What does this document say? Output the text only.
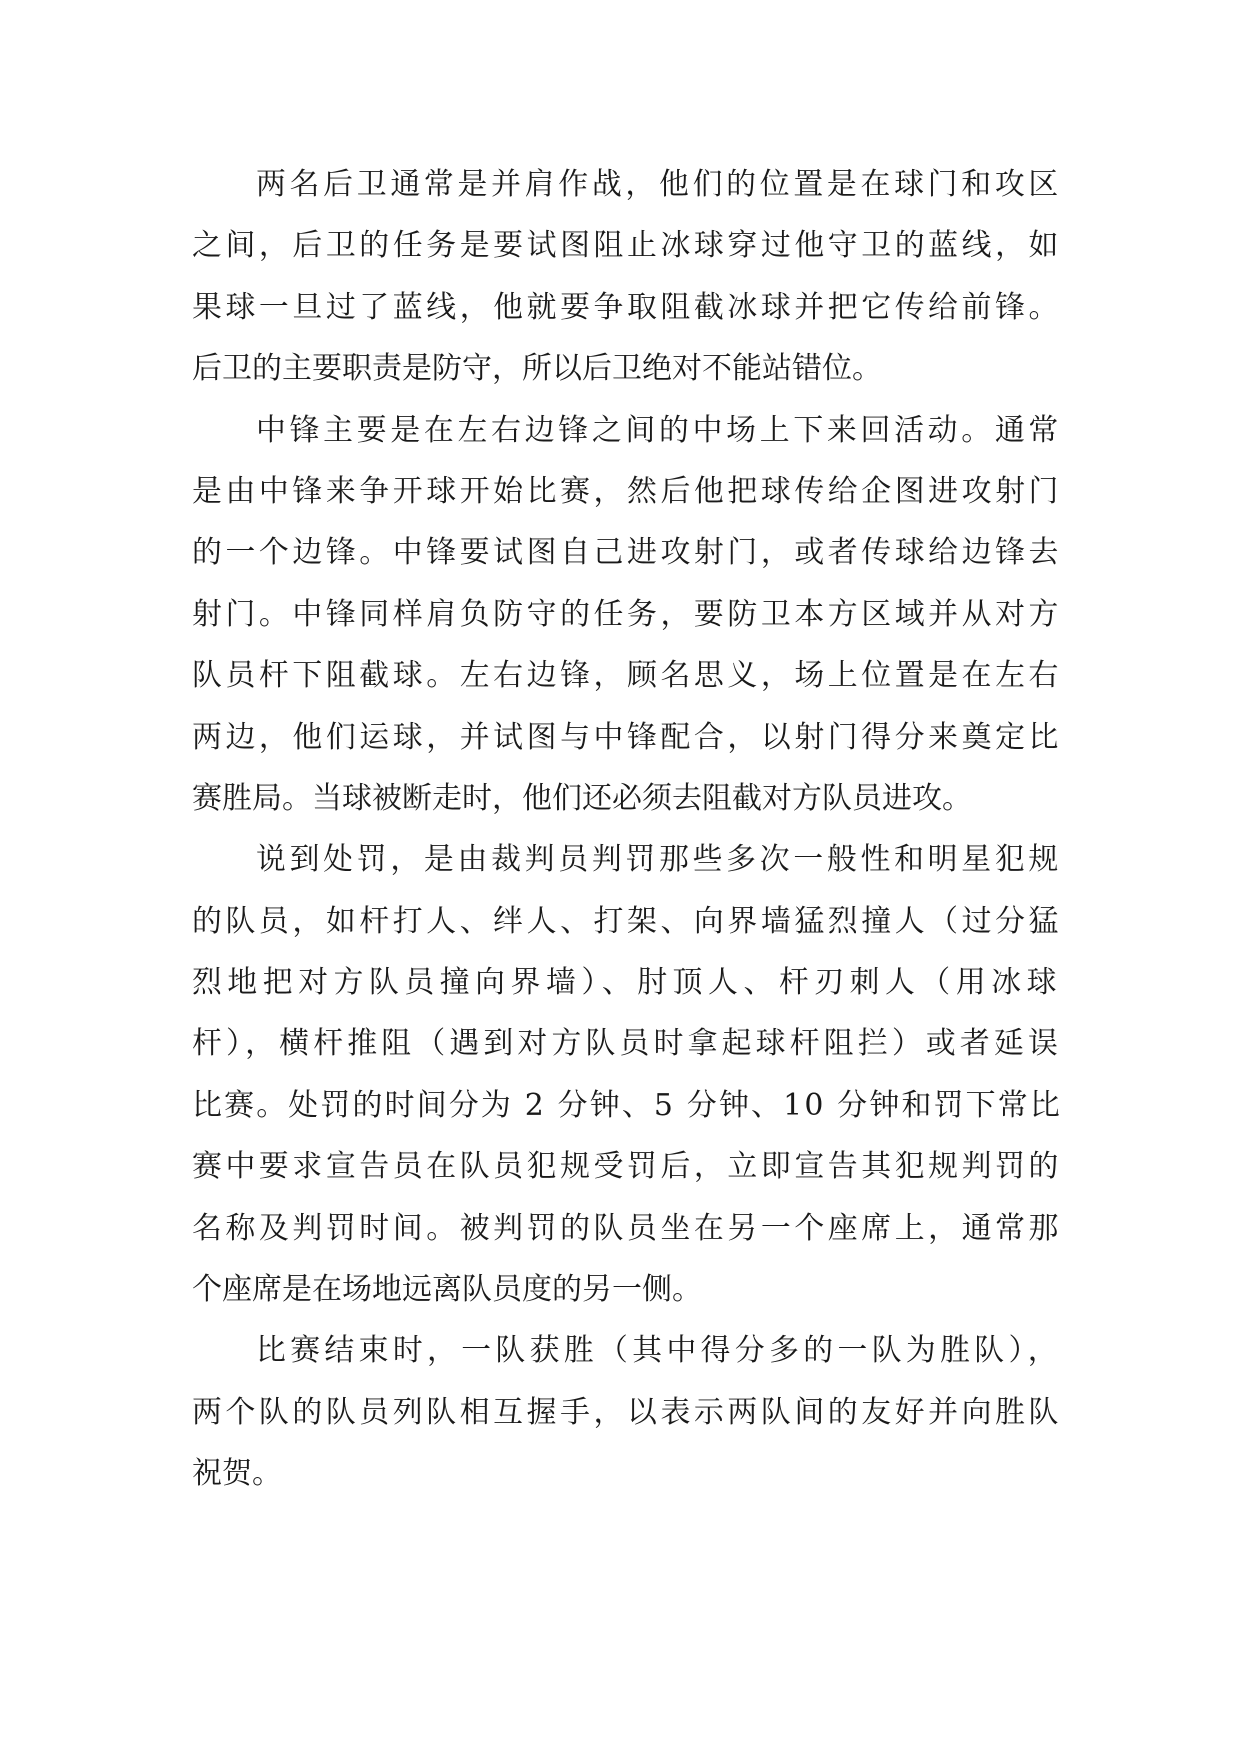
两名后卫通常是并肩作战，他们的位置是在球门和攻区
之间，后卫的任务是要试图阻止冰球穿过他守卫的蓝线，如
果球一旦过了蓝线，他就要争取阻截冰球并把它传给前锋。
后卫的主要职责是防守，所以后卫绝对不能站错位。
中锋主要是在左右边锋之间的中场上下来回活动。通常
是由中锋来争开球开始比赛，然后他把球传给企图进攻射门
的一个边锋。中锋要试图自己进攻射门，或者传球给边锋去
射门。中锋同样肩负防守的任务，要防卫本方区域并从对方
队员杆下阻截球。左右边锋，顾名思义，场上位置是在左右
两边，他们运球，并试图与中锋配合，以射门得分来奠定比
赛胜局。当球被断走时，他们还必须去阻截对方队员进攻。
说到处罚，是由裁判员判罚那些多次一般性和明星犯规
的队员，如杆打人、绊人、打架、向界墙猛烈撞人（过分猛
烈地把对方队员撞向界墙）、肘顶人、杆刃刺人（用冰球
杆），横杆推阻（遇到对方队员时拿起球杆阻拦）或者延误
比赛。处罚的时间分为 2 分钟、5 分钟、10 分钟和罚下常比
赛中要求宣告员在队员犯规受罚后，立即宣告其犯规判罚的
名称及判罚时间。被判罚的队员坐在另一个座席上，通常那
个座席是在场地远离队员度的另一侧。
比赛结束时，一队获胜（其中得分多的一队为胜队），
两个队的队员列队相互握手，以表示两队间的友好并向胜队
祝贺。
